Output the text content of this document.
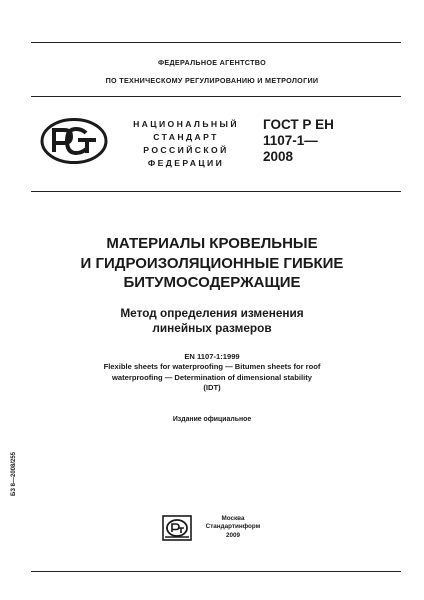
ФЕДЕРАЛЬНОЕ АГЕНТСТВО
ПО ТЕХНИЧЕСКОМУ РЕГУЛИРОВАНИЮ И МЕТРОЛОГИИ
НАЦИОНАЛЬНЫЙ
СТАНДАРТ
РОССИЙСКОЙ
ФЕДЕРАЦИИ
ГОСТ Р ЕН
1107-1—
2008
МАТЕРИАЛЫ КРОВЕЛЬНЫЕ
И ГИДРОИЗОЛЯЦИОННЫЕ ГИБКИЕ
БИТУМОСОДЕРЖАЩИЕ
Метод определения изменения
линейных размеров
EN 1107-1:1999
Flexible sheets for waterproofing — Bitumen sheets for roof
waterproofing — Determination of dimensional stability
(IDT)
Издание официальное
БЗ 8—2008/255
Москва
Стандартинформ
2009
